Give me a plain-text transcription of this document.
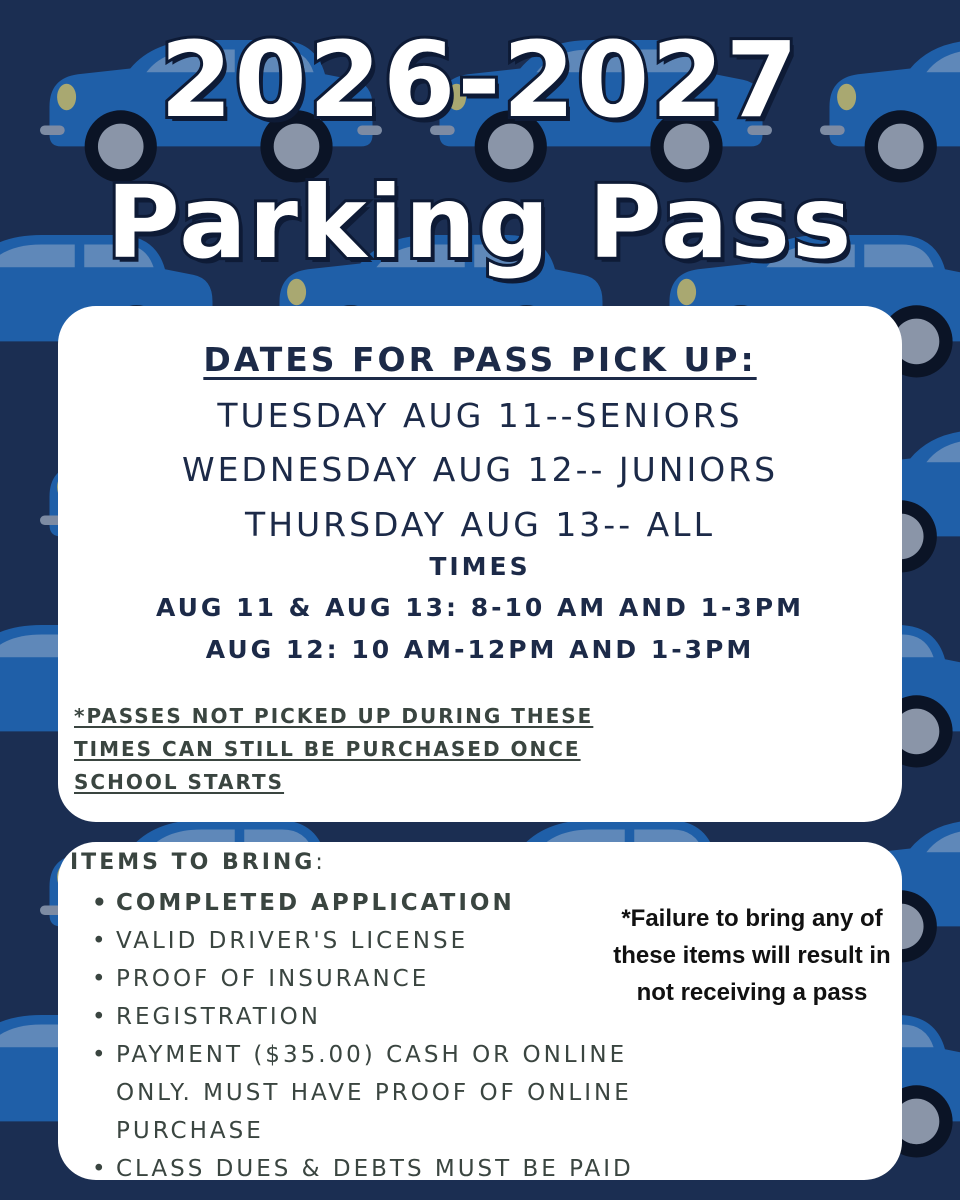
2026-2027
Parking Pass
DATES FOR PASS PICK UP:
TUESDAY AUG 11--SENIORS
WEDNESDAY AUG 12-- JUNIORS
THURSDAY AUG 13-- ALL
TIMES
AUG 11 & AUG 13: 8-10 AM AND 1-3PM
AUG 12: 10 AM-12PM AND 1-3PM
*PASSES NOT PICKED UP DURING THESE TIMES CAN STILL BE PURCHASED ONCE SCHOOL STARTS
ITEMS TO BRING:
• COMPLETED APPLICATION
• VALID DRIVER'S LICENSE
• PROOF OF INSURANCE
• REGISTRATION
• PAYMENT ($35.00) CASH OR ONLINE ONLY. MUST HAVE PROOF OF ONLINE PURCHASE
• CLASS DUES & DEBTS MUST BE PAID
*Failure to bring any of these items will result in not receiving a pass
